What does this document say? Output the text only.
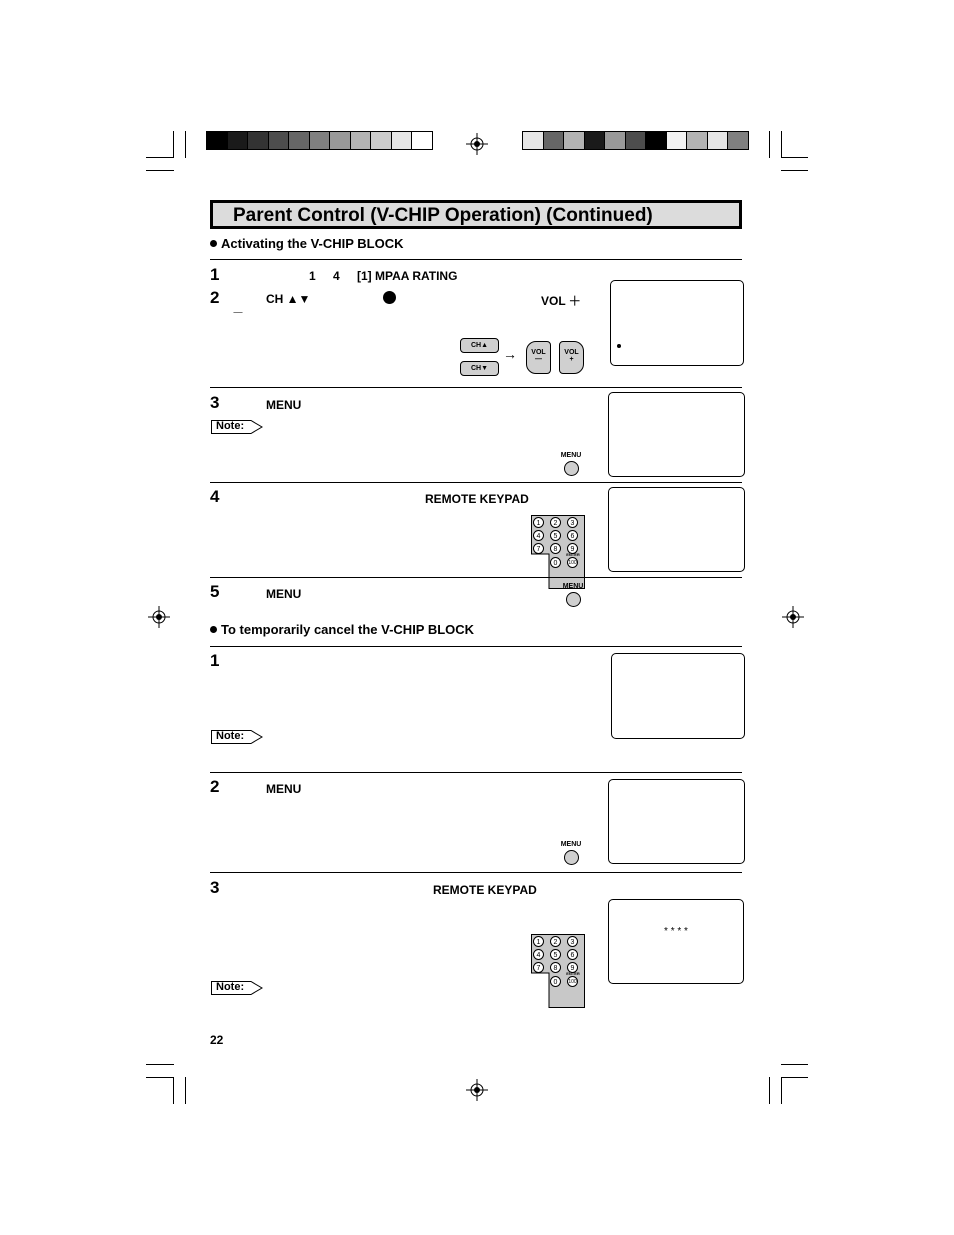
Parent Control (V-CHIP Operation) (Continued)
Activating the V-CHIP BLOCK
1	1 4 [1] MPAA RATING
2	CH ▲▼	VOL ＋
－
CH▲
CH▼
→	VOL
—
VOL
+
3	MENU
Note:
MENU
4	REMOTE KEYPAD
1	2	3
4	5	6
7	8	9
0	100
ENTER
5	MENU
MENU
To temporarily cancel the V-CHIP BLOCK
1
Note:
2	MENU
MENU
3	REMOTE KEYPAD
1	2	3
4	5	6
7	8	9
0	100
ENTER
* * * *
Note:
22
